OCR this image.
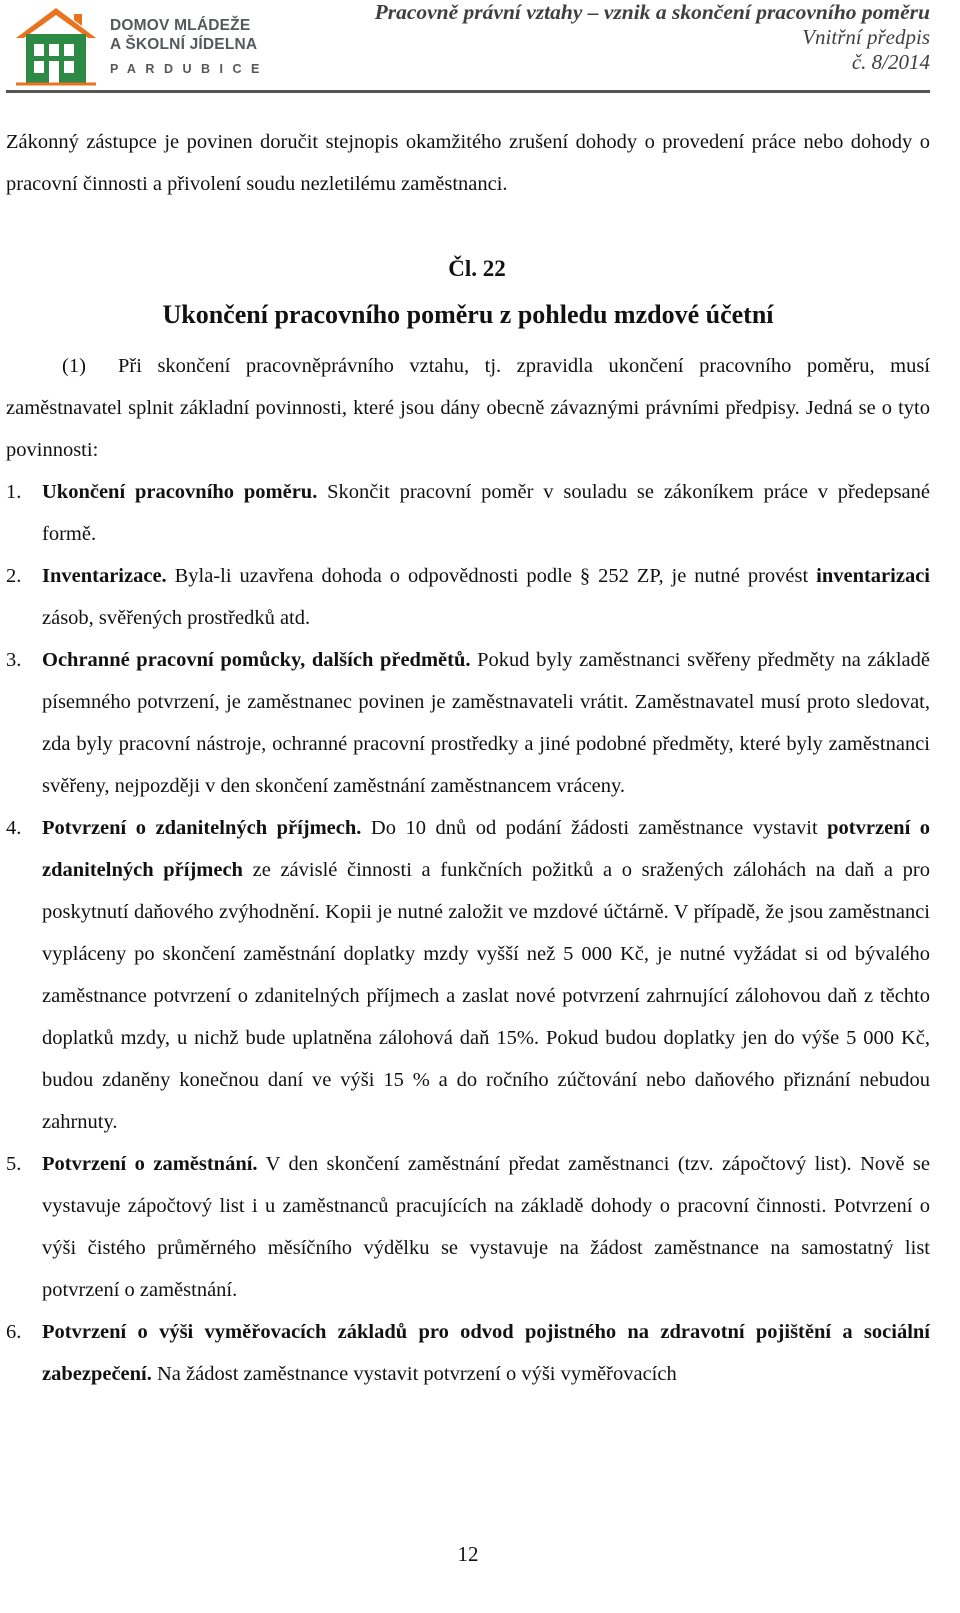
DOMOV MLÁDEŽE
A ŠKOLNÍ JÍDELNA
PARDUBICE
Pracovně právní vztahy – vznik a skončení pracovního poměru
Vnitřní předpis
č. 8/2014

Zákonný zástupce je povinen doručit stejnopis okamžitého zrušení dohody o provedení práce nebo dohody o pracovní činnosti a přivolení soudu nezletilému zaměstnanci.

Čl. 22
Ukončení pracovního poměru z pohledu mzdové účetní

(1) Při skončení pracovněprávního vztahu, tj. zpravidla ukončení pracovního poměru, musí zaměstnavatel splnit základní povinnosti, které jsou dány obecně závaznými právními předpisy. Jedná se o tyto povinnosti:

1. Ukončení pracovního poměru. Skončit pracovní poměr v souladu se zákoníkem práce v předepsané formě.
2. Inventarizace. Byla-li uzavřena dohoda o odpovědnosti podle § 252 ZP, je nutné provést inventarizaci zásob, svěřených prostředků atd.
3. Ochranné pracovní pomůcky, dalších předmětů. Pokud byly zaměstnanci svěřeny předměty na základě písemného potvrzení, je zaměstnanec povinen je zaměstnavateli vrátit. Zaměstnavatel musí proto sledovat, zda byly pracovní nástroje, ochranné pracovní prostředky a jiné podobné předměty, které byly zaměstnanci svěřeny, nejpozději v den skončení zaměstnání zaměstnancem vráceny.
4. Potvrzení o zdanitelných příjmech. Do 10 dnů od podání žádosti zaměstnance vystavit potvrzení o zdanitelných příjmech ze závislé činnosti a funkčních požitků a o sražených zálohách na daň a pro poskytnutí daňového zvýhodnění. Kopii je nutné založit ve mzdové účtárně. V případě, že jsou zaměstnanci vypláceny po skončení zaměstnání doplatky mzdy vyšší než 5 000 Kč, je nutné vyžádat si od bývalého zaměstnance potvrzení o zdanitelných příjmech a zaslat nové potvrzení zahrnující zálohovou daň z těchto doplatků mzdy, u nichž bude uplatněna zálohová daň 15%. Pokud budou doplatky jen do výše 5 000 Kč, budou zdaněny konečnou daní ve výši 15 % a do ročního zúčtování nebo daňového přiznání nebudou zahrnuty.
5. Potvrzení o zaměstnání. V den skončení zaměstnání předat zaměstnanci (tzv. zápočtový list). Nově se vystavuje zápočtový list i u zaměstnanců pracujících na základě dohody o pracovní činnosti. Potvrzení o výši čistého průměrného měsíčního výdělku se vystavuje na žádost zaměstnance na samostatný list potvrzení o zaměstnání.
6. Potvrzení o výši vyměřovacích základů pro odvod pojistného na zdravotní pojištění a sociální zabezpečení. Na žádost zaměstnance vystavit potvrzení o výši vyměřovacích
12
